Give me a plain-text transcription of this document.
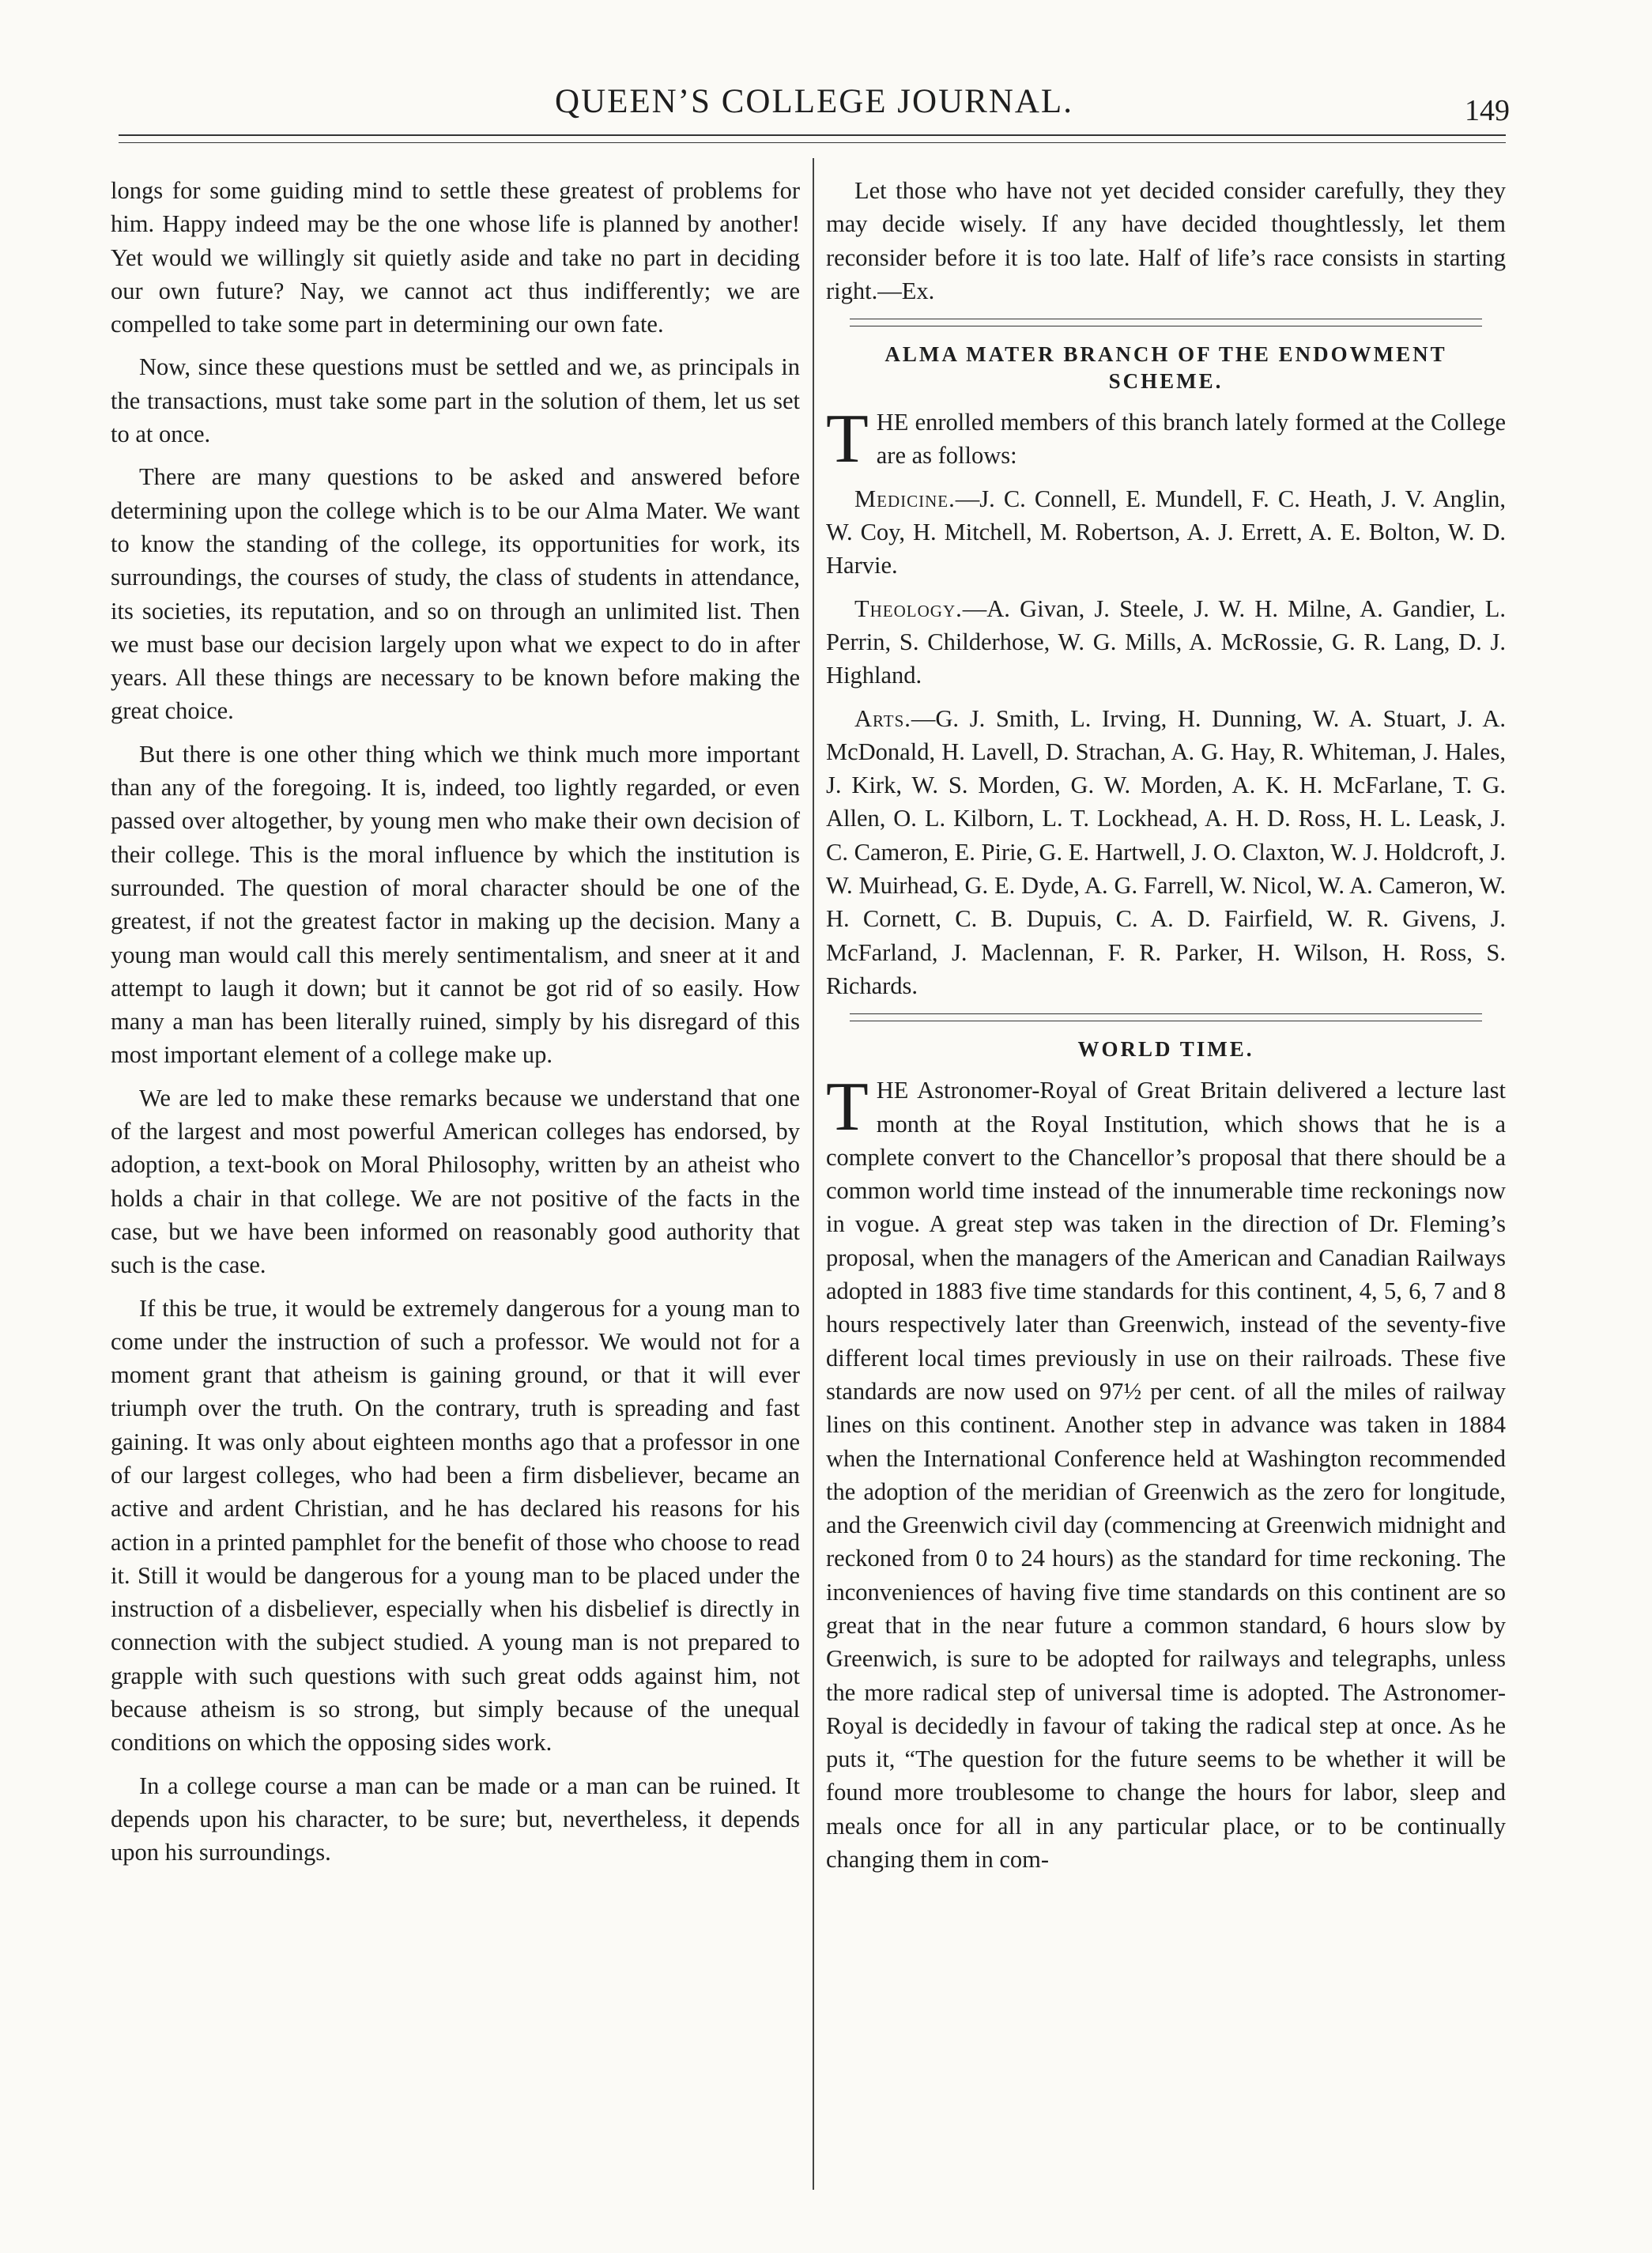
QUEEN’S COLLEGE JOURNAL.	149

longs for some guiding mind to settle these greatest of problems for him. Happy indeed may be the one whose life is planned by another! Yet would we willingly sit quietly aside and take no part in deciding our own future? Nay, we cannot act thus indifferently; we are compelled to take some part in determining our own fate.

Now, since these questions must be settled and we, as principals in the transactions, must take some part in the solution of them, let us set to at once.

There are many questions to be asked and answered before determining upon the college which is to be our Alma Mater. We want to know the standing of the college, its opportunities for work, its surroundings, the courses of study, the class of students in attendance, its societies, its reputation, and so on through an unlimited list. Then we must base our decision largely upon what we expect to do in after years. All these things are necessary to be known before making the great choice.

But there is one other thing which we think much more important than any of the foregoing. It is, indeed, too lightly regarded, or even passed over altogether, by young men who make their own decision of their college. This is the moral influence by which the institution is surrounded. The question of moral character should be one of the greatest, if not the greatest factor in making up the decision. Many a young man would call this merely sentimentalism, and sneer at it and attempt to laugh it down; but it cannot be got rid of so easily. How many a man has been literally ruined, simply by his disregard of this most important element of a college make up.

We are led to make these remarks because we understand that one of the largest and most powerful American colleges has endorsed, by adoption, a text-book on Moral Philosophy, written by an atheist who holds a chair in that college. We are not positive of the facts in the case, but we have been informed on reasonably good authority that such is the case.

If this be true, it would be extremely dangerous for a young man to come under the instruction of such a professor. We would not for a moment grant that atheism is gaining ground, or that it will ever triumph over the truth. On the contrary, truth is spreading and fast gaining. It was only about eighteen months ago that a professor in one of our largest colleges, who had been a firm disbeliever, became an active and ardent Christian, and he has declared his reasons for his action in a printed pamphlet for the benefit of those who choose to read it. Still it would be dangerous for a young man to be placed under the instruction of a disbeliever, especially when his disbelief is directly in connection with the subject studied. A young man is not prepared to grapple with such questions with such great odds against him, not because atheism is so strong, but simply because of the unequal conditions on which the opposing sides work.

In a college course a man can be made or a man can be ruined. It depends upon his character, to be sure; but, nevertheless, it depends upon his surroundings.

Let those who have not yet decided consider carefully, they they may decide wisely. If any have decided thoughtlessly, let them reconsider before it is too late. Half of life’s race consists in starting right.—Ex.

ALMA MATER BRANCH OF THE ENDOWMENT SCHEME.

THE enrolled members of this branch lately formed at the College are as follows:

Medicine.—J. C. Connell, E. Mundell, F. C. Heath, J. V. Anglin, W. Coy, H. Mitchell, M. Robertson, A. J. Errett, A. E. Bolton, W. D. Harvie.

Theology.—A. Givan, J. Steele, J. W. H. Milne, A. Gandier, L. Perrin, S. Childerhose, W. G. Mills, A. McRossie, G. R. Lang, D. J. Highland.

Arts.—G. J. Smith, L. Irving, H. Dunning, W. A. Stuart, J. A. McDonald, H. Lavell, D. Strachan, A. G. Hay, R. Whiteman, J. Hales, J. Kirk, W. S. Morden, G. W. Morden, A. K. H. McFarlane, T. G. Allen, O. L. Kilborn, L. T. Lockhead, A. H. D. Ross, H. L. Leask, J. C. Cameron, E. Pirie, G. E. Hartwell, J. O. Claxton, W. J. Holdcroft, J. W. Muirhead, G. E. Dyde, A. G. Farrell, W. Nicol, W. A. Cameron, W. H. Cornett, C. B. Dupuis, C. A. D. Fairfield, W. R. Givens, J. McFarland, J. Maclennan, F. R. Parker, H. Wilson, H. Ross, S. Richards.

WORLD TIME.

THE Astronomer-Royal of Great Britain delivered a lecture last month at the Royal Institution, which shows that he is a complete convert to the Chancellor’s proposal that there should be a common world time instead of the innumerable time reckonings now in vogue. A great step was taken in the direction of Dr. Fleming’s proposal, when the managers of the American and Canadian Railways adopted in 1883 five time standards for this continent, 4, 5, 6, 7 and 8 hours respectively later than Greenwich, instead of the seventy-five different local times previously in use on their railroads. These five standards are now used on 97½ per cent. of all the miles of railway lines on this continent. Another step in advance was taken in 1884 when the International Conference held at Washington recommended the adoption of the meridian of Greenwich as the zero for longitude, and the Greenwich civil day (commencing at Greenwich midnight and reckoned from 0 to 24 hours) as the standard for time reckoning. The inconveniences of having five time standards on this continent are so great that in the near future a common standard, 6 hours slow by Greenwich, is sure to be adopted for railways and telegraphs, unless the more radical step of universal time is adopted. The Astronomer-Royal is decidedly in favour of taking the radical step at once. As he puts it, “The question for the future seems to be whether it will be found more troublesome to change the hours for labor, sleep and meals once for all in any particular place, or to be continually changing them in com-
